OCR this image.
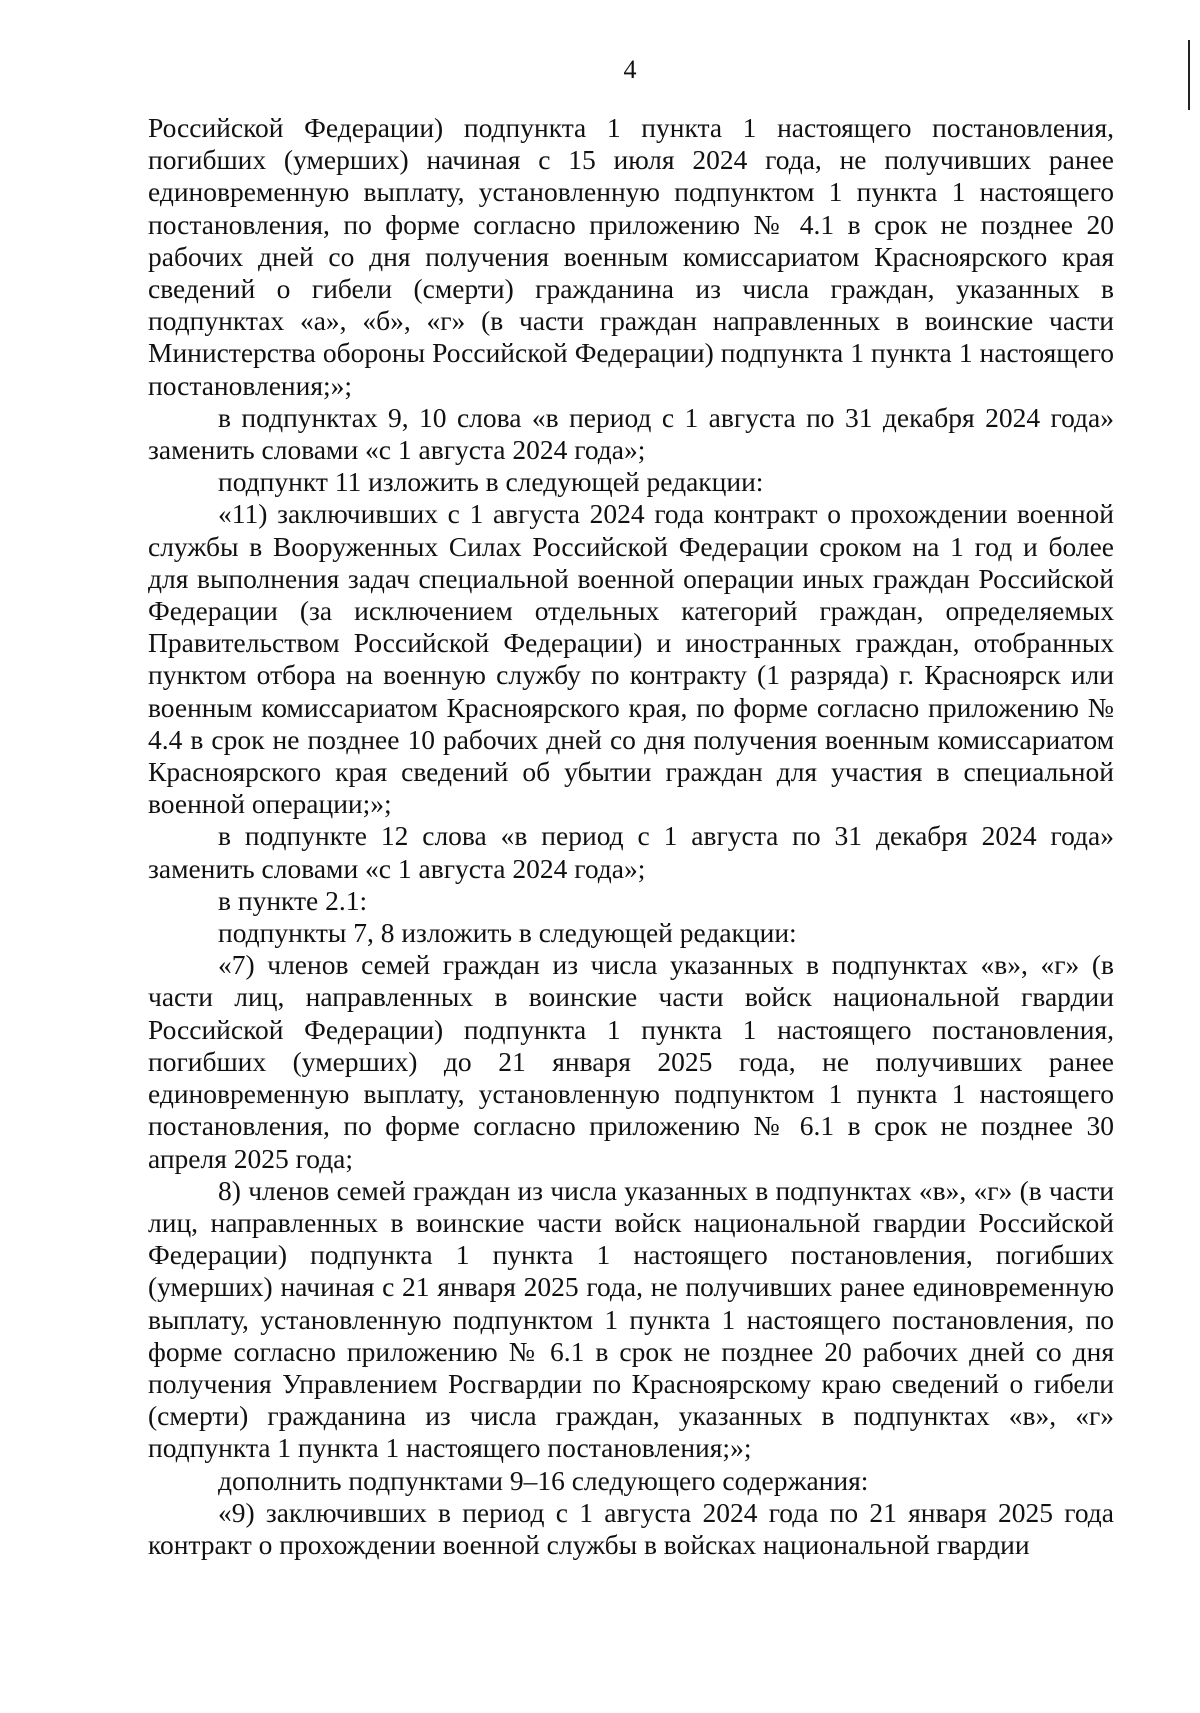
4

Российской Федерации) подпункта 1 пункта 1 настоящего постановления, погибших (умерших) начиная с 15 июля 2024 года, не получивших ранее единовременную выплату, установленную подпунктом 1 пункта 1 настоящего постановления, по форме согласно приложению № 4.1 в срок не позднее 20 рабочих дней со дня получения военным комиссариатом Красноярского края сведений о гибели (смерти) гражданина из числа граждан, указанных в подпунктах «а», «б», «г» (в части граждан направленных в воинские части Министерства обороны Российской Федерации) подпункта 1 пункта 1 настоящего постановления;»;

в подпунктах 9, 10 слова «в период с 1 августа по 31 декабря 2024 года» заменить словами «с 1 августа 2024 года»;

подпункт 11 изложить в следующей редакции:

«11) заключивших с 1 августа 2024 года контракт о прохождении военной службы в Вооруженных Силах Российской Федерации сроком на 1 год и более для выполнения задач специальной военной операции иных граждан Российской Федерации (за исключением отдельных категорий граждан, определяемых Правительством Российской Федерации) и иностранных граждан, отобранных пунктом отбора на военную службу по контракту (1 разряда) г. Красноярск или военным комиссариатом Красноярского края, по форме согласно приложению № 4.4 в срок не позднее 10 рабочих дней со дня получения военным комиссариатом Красноярского края сведений об убытии граждан для участия в специальной военной операции;»;

в подпункте 12 слова «в период с 1 августа по 31 декабря 2024 года» заменить словами «с 1 августа 2024 года»;

в пункте 2.1:

подпункты 7, 8 изложить в следующей редакции:

«7) членов семей граждан из числа указанных в подпунктах «в», «г» (в части лиц, направленных в воинские части войск национальной гвардии Российской Федерации) подпункта 1 пункта 1 настоящего постановления, погибших (умерших) до 21 января 2025 года, не получивших ранее единовременную выплату, установленную подпунктом 1 пункта 1 настоящего постановления, по форме согласно приложению № 6.1 в срок не позднее 30 апреля 2025 года;

8) членов семей граждан из числа указанных в подпунктах «в», «г» (в части лиц, направленных в воинские части войск национальной гвардии Российской Федерации) подпункта 1 пункта 1 настоящего постановления, погибших (умерших) начиная с 21 января 2025 года, не получивших ранее единовременную выплату, установленную подпунктом 1 пункта 1 настоящего постановления, по форме согласно приложению № 6.1 в срок не позднее 20 рабочих дней со дня получения Управлением Росгвардии по Красноярскому краю сведений о гибели (смерти) гражданина из числа граждан, указанных в подпунктах «в», «г» подпункта 1 пункта 1 настоящего постановления;»;

дополнить подпунктами 9–16 следующего содержания:

«9) заключивших в период с 1 августа 2024 года по 21 января 2025 года контракт о прохождении военной службы в войсках национальной гвардии
